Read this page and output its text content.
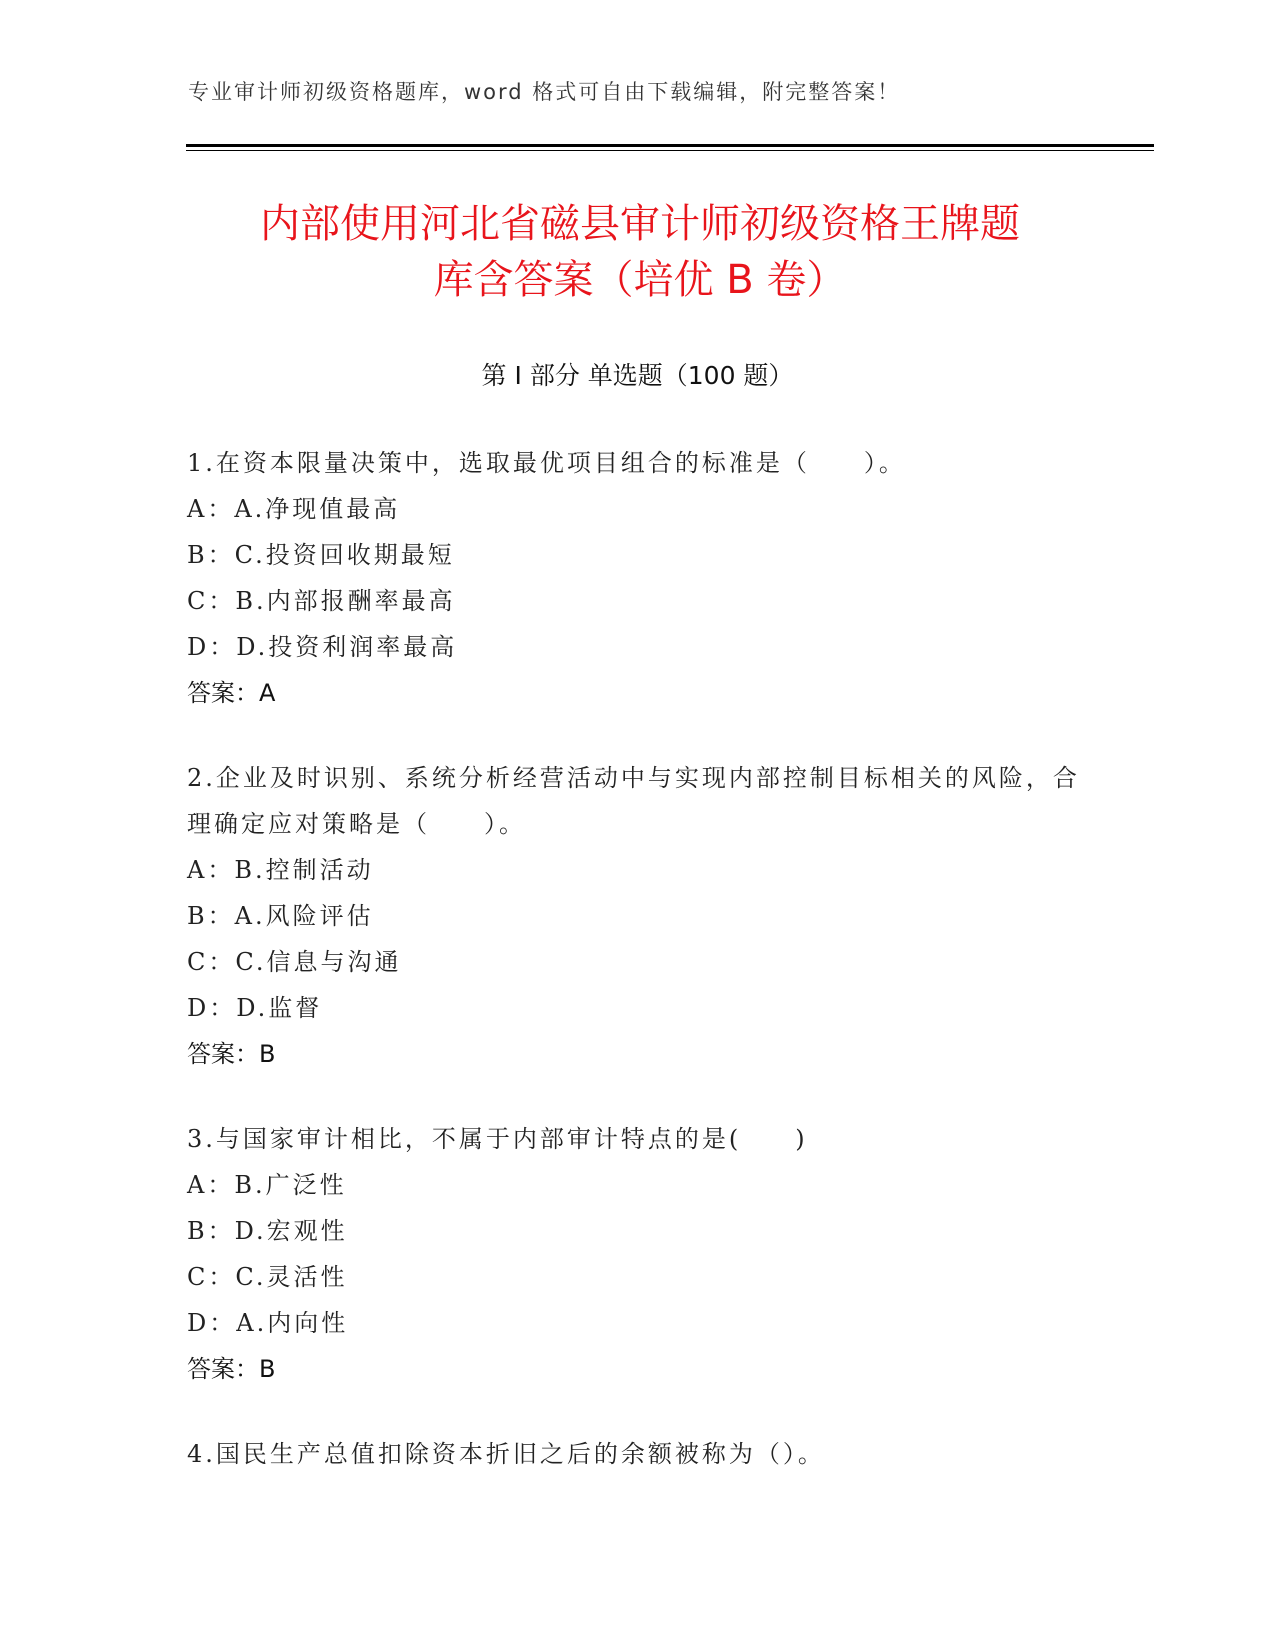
专业审计师初级资格题库，word 格式可自由下载编辑，附完整答案！
内部使用河北省磁县审计师初级资格王牌题
库含答案（培优 B 卷）
第 I 部分 单选题（100 题）
1.在资本限量决策中，选取最优项目组合的标准是（　　）。
A：A.净现值最高
B：C.投资回收期最短
C：B.内部报酬率最高
D：D.投资利润率最高
答案：A
2.企业及时识别、系统分析经营活动中与实现内部控制目标相关的风险，合理确定应对策略是（　　）。
A：B.控制活动
B：A.风险评估
C：C.信息与沟通
D：D.监督
答案：B
3.与国家审计相比，不属于内部审计特点的是(　　)
A：B.广泛性
B：D.宏观性
C：C.灵活性
D：A.内向性
答案：B
4.国民生产总值扣除资本折旧之后的余额被称为（）。
